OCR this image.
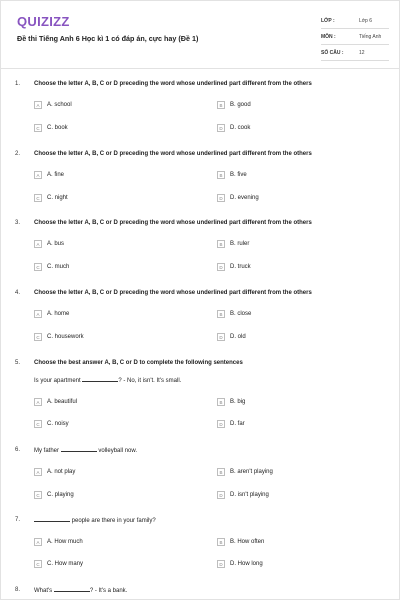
QUIZIZZ
Đề thi Tiếng Anh 6 Học kì 1 có đáp án, cực hay (Đề 1)
LỚP :	Lớp 6
MÔN :	Tiếng Anh
SỐ CÂU :	12
1. Choose the letter A, B, C or D preceding the word whose underlined part different from the others
A	A. school	B	B. good
C	C. book	D	D. cook
2. Choose the letter A, B, C or D preceding the word whose underlined part different from the others
A	A. fine	B	B. five
C	C. night	D	D. evening
3. Choose the letter A, B, C or D preceding the word whose underlined part different from the others
A	A. bus	B	B. ruler
C	C. much	D	D. truck
4. Choose the letter A, B, C or D preceding the word whose underlined part different from the others
A	A. home	B	B. close
C	C. housework	D	D. old
5. Choose the best answer A, B, C or D to complete the following sentences
Is your apartment	? - No, it isn't. It's small.
A	A. beautiful	B	B. big
C	C. noisy	D	D. far
6. My father	volleyball now.
A	A. not play	B	B. aren't playing
C	C. playing	D	D. isn't playing
7.	people are there in your family?
A	A. How much	B	B. How often
C	C. How many	D	D. How long
8. What's	? - It's a bank.
